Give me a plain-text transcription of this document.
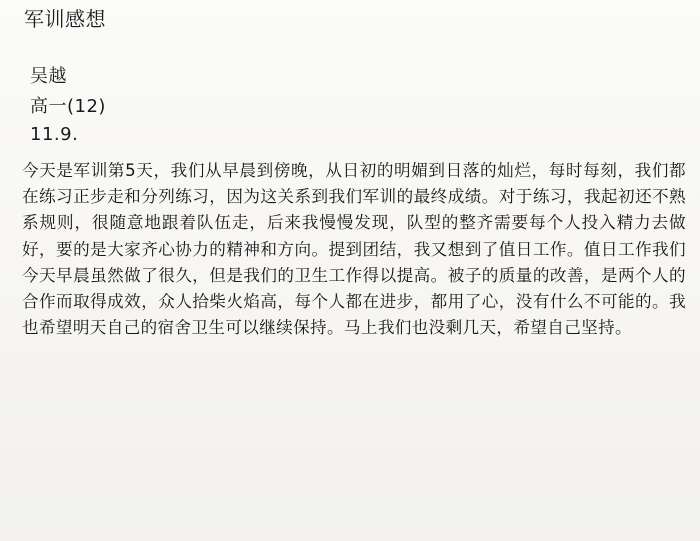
军训感想
吴越
高一(12)
11.9.
今天是军训第5天，我们从早晨到傍晚，从日初的明媚到日落的灿烂，每时每刻，我们都在练习正步走和分列练习，因为这关系到我们军训的最终成绩。对于练习，我起初还不熟系规则，很随意地跟着队伍走，后来我慢慢发现，队型的整齐需要每个人投入精力去做好，要的是大家齐心协力的精神和方向。提到团结，我又想到了值日工作。值日工作我们今天早晨虽然做了很久，但是我们的卫生工作得以提高。被子的质量的改善，是两个人的合作而取得成效，众人拾柴火焰高，每个人都在进步，都用了心，没有什么不可能的。我也希望明天自己的宿舍卫生可以继续保持。马上我们也没剩几天，希望自己坚持。
